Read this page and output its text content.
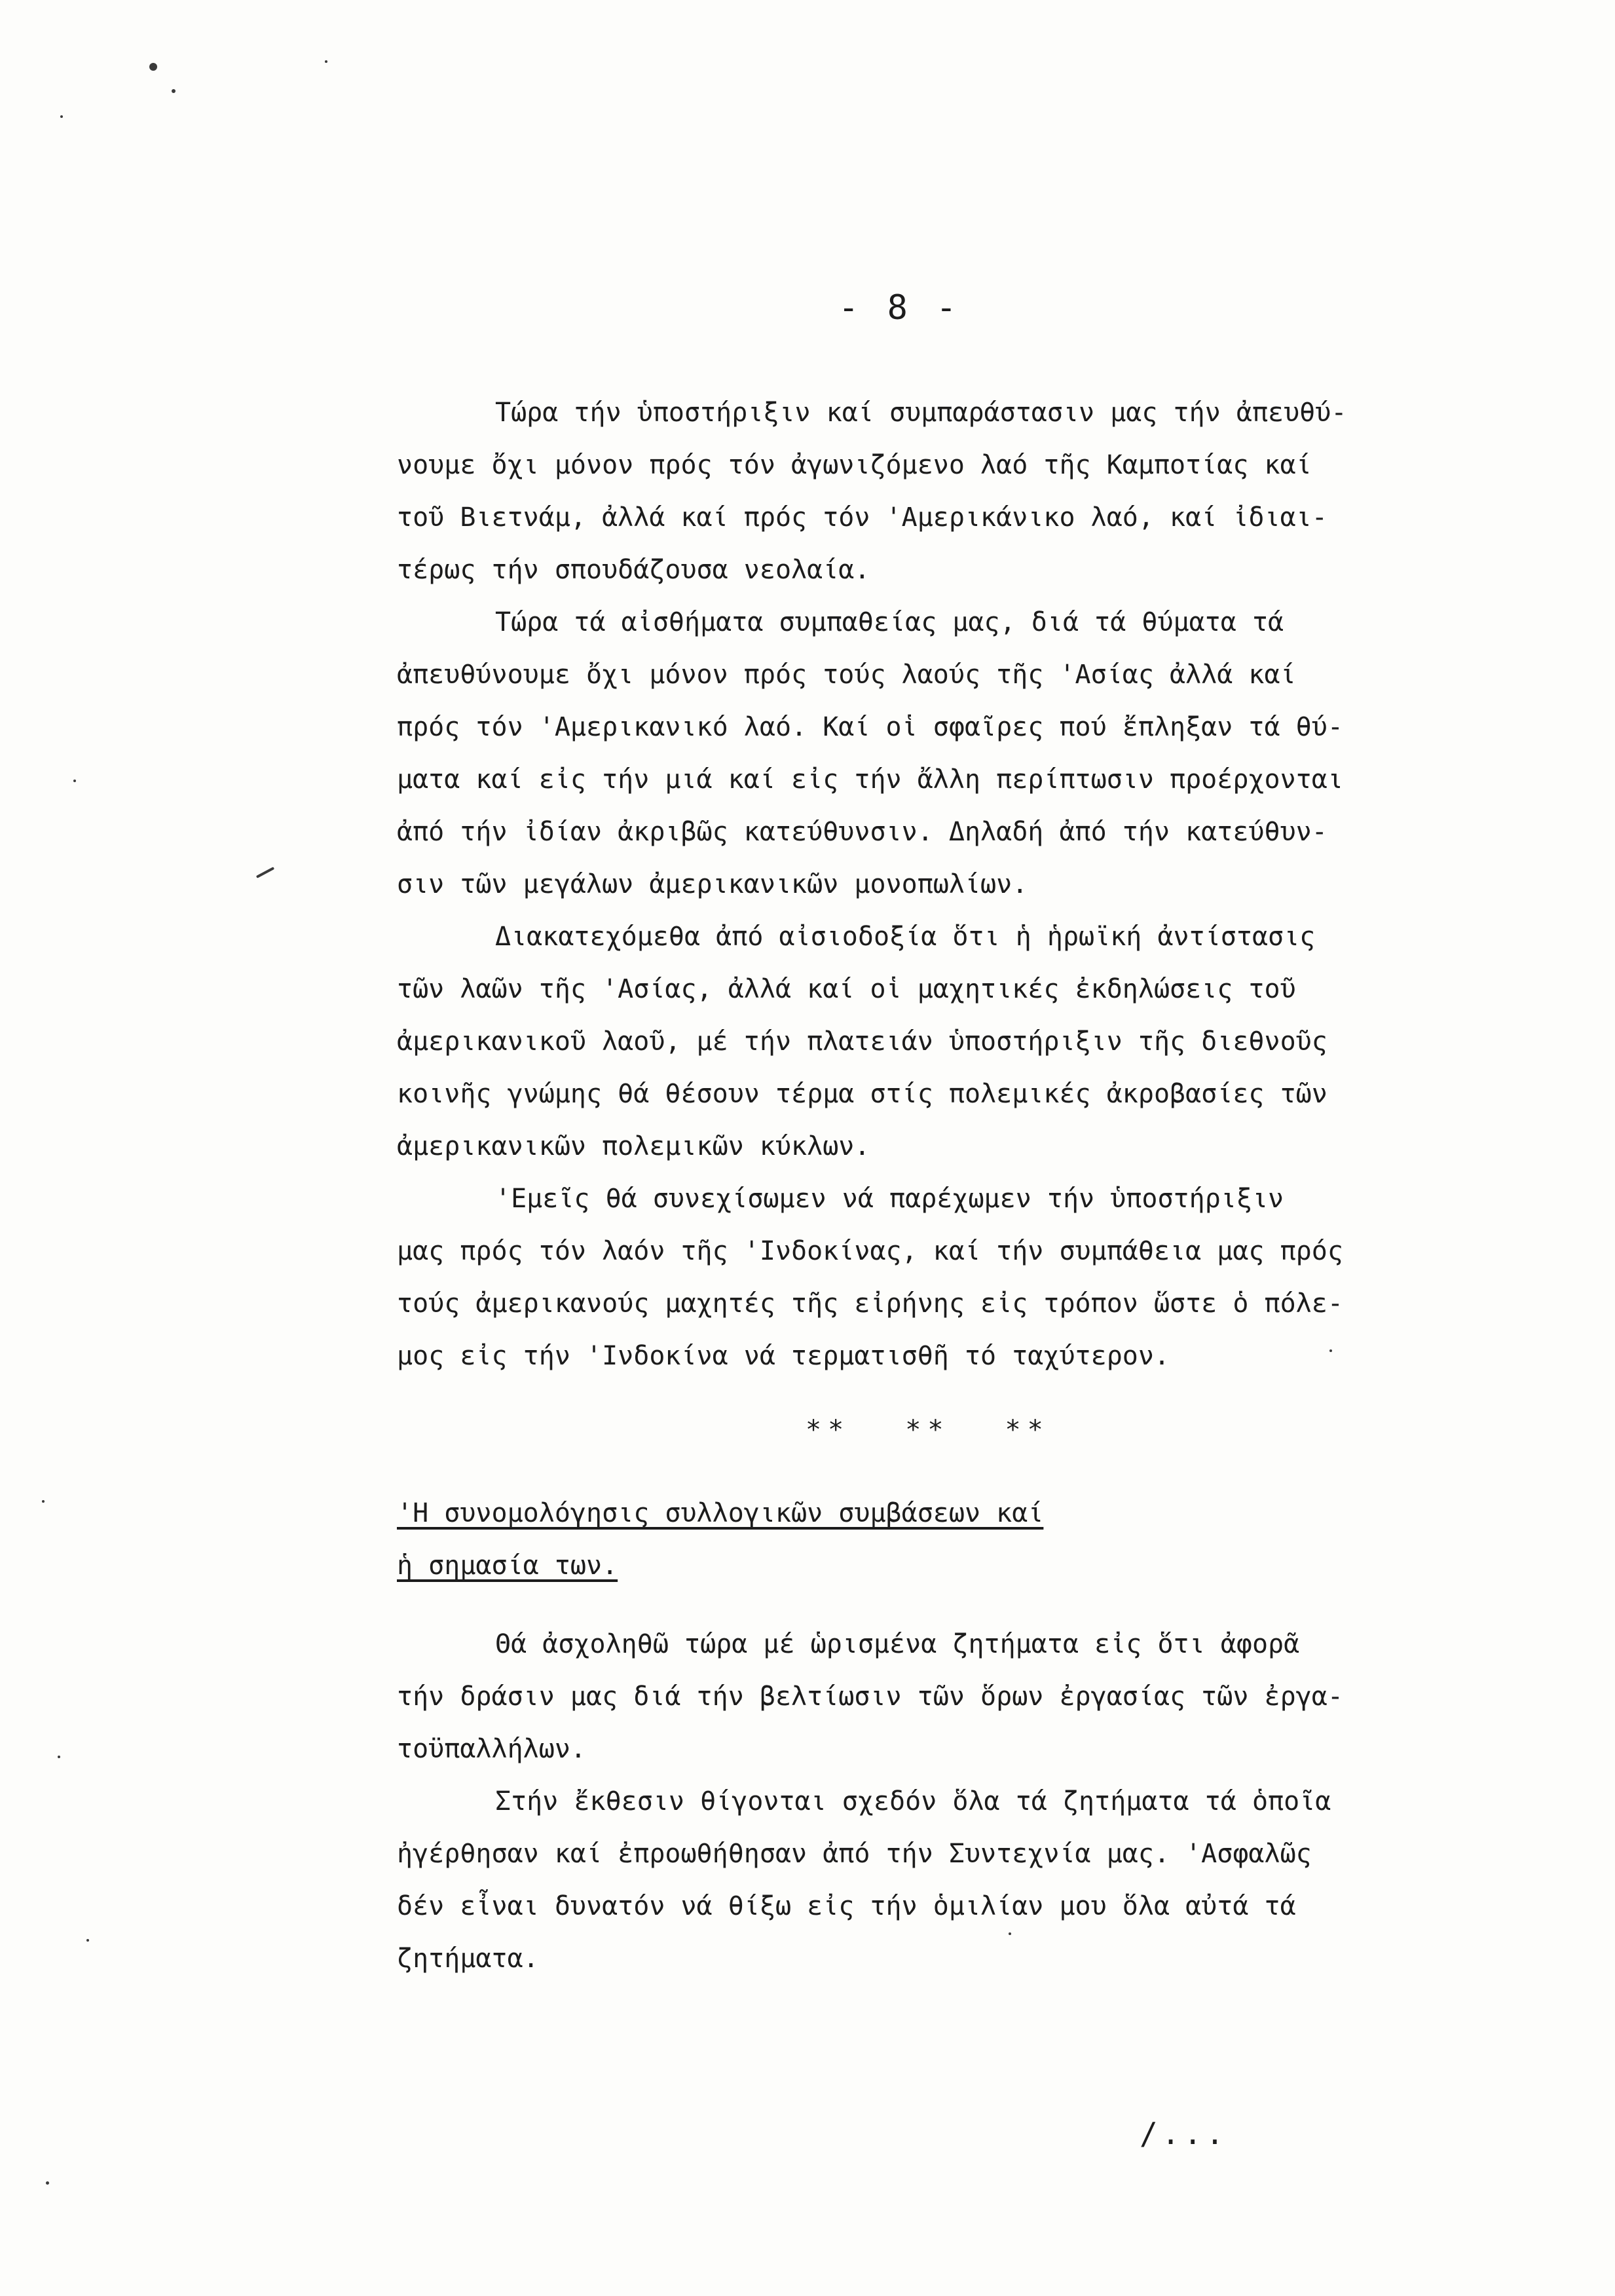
- 8 -
Τώρα τήν ὑποστήριξιν καί συμπαράστασιν μας τήν ἀπευθύ-
νουμε ὄχι μόνον πρός τόν ἀγωνιζόμενο λαό τῆς Καμποτίας καί
τοῦ Βιετνάμ, ἀλλά καί πρός τόν 'Αμερικάνικο λαό, καί ἰδιαι-
τέρως τήν σπουδάζουσα νεολαία.
Τώρα τά αἰσθήματα συμπαθείας μας, διά τά θύματα τά
ἀπευθύνουμε ὄχι μόνον πρός τούς λαούς τῆς 'Ασίας ἀλλά καί
πρός τόν 'Αμερικανικό λαό. Καί οἱ σφαῖρες πού ἔπληξαν τά θύ-
ματα καί εἰς τήν μιά καί εἰς τήν ἄλλη περίπτωσιν προέρχονται
ἀπό τήν ἰδίαν ἀκριβῶς κατεύθυνσιν. Δηλαδή ἀπό τήν κατεύθυν-
σιν τῶν μεγάλων ἀμερικανικῶν μονοπωλίων.
Διακατεχόμεθα ἀπό αἰσιοδοξία ὅτι ἡ ἡρωϊκή ἀντίστασις
τῶν λαῶν τῆς 'Ασίας, ἀλλά καί οἱ μαχητικές ἐκδηλώσεις τοῦ
ἀμερικανικοῦ λαοῦ, μέ τήν πλατειάν ὑποστήριξιν τῆς διεθνοῦς
κοινῆς γνώμης θά θέσουν τέρμα στίς πολεμικές ἀκροβασίες τῶν
ἀμερικανικῶν πολεμικῶν κύκλων.
'Εμεῖς θά συνεχίσωμεν νά παρέχωμεν τήν ὑποστήριξιν
μας πρός τόν λαόν τῆς 'Ινδοκίνας, καί τήν συμπάθεια μας πρός
τούς ἀμερικανούς μαχητές τῆς εἰρήνης εἰς τρόπον ὥστε ὁ πόλε-
μος εἰς τήν 'Ινδοκίνα νά τερματισθῆ τό ταχύτερον.
** ** **
'Η συνομολόγησις συλλογικῶν συμβάσεων καί
ἡ σημασία των.
Θά ἀσχοληθῶ τώρα μέ ὡρισμένα ζητήματα εἰς ὅτι ἀφορᾶ
τήν δράσιν μας διά τήν βελτίωσιν τῶν ὅρων ἐργασίας τῶν ἐργα-
τοϋπαλλήλων.
Στήν ἔκθεσιν θίγονται σχεδόν ὅλα τά ζητήματα τά ὁποῖα
ἠγέρθησαν καί ἐπροωθήθησαν ἀπό τήν Συντεχνία μας. 'Ασφαλῶς
δέν εἶναι δυνατόν νά θίξω εἰς τήν ὁμιλίαν μου ὅλα αὐτά τά
ζητήματα.
/...
